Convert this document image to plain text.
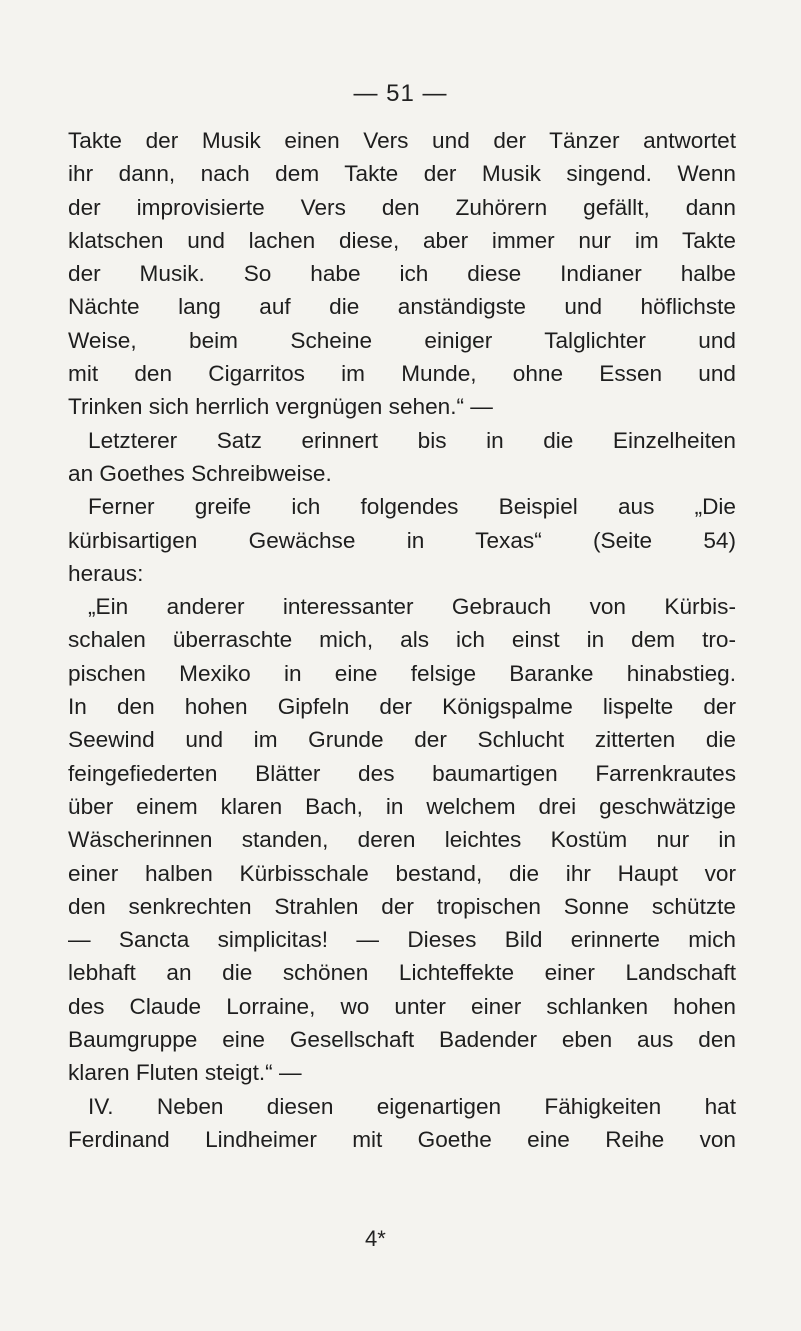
— 51 —
Takte der Musik einen Vers und der Tänzer antwortet
ihr dann, nach dem Takte der Musik singend. Wenn
der improvisierte Vers den Zuhörern gefällt, dann
klatschen und lachen diese, aber immer nur im Takte
der Musik. So habe ich diese Indianer halbe
Nächte lang auf die anständigste und höflichste
Weise, beim Scheine einiger Talglichter und
mit den Cigarritos im Munde, ohne Essen und
Trinken sich herrlich vergnügen sehen.“ —
Letzterer Satz erinnert bis in die Einzelheiten
an Goethes Schreibweise.
Ferner greife ich folgendes Beispiel aus „Die
kürbisartigen Gewächse in Texas“ (Seite 54)
heraus:
„Ein anderer interessanter Gebrauch von Kürbis-
schalen überraschte mich, als ich einst in dem tro-
pischen Mexiko in eine felsige Baranke hinabstieg.
In den hohen Gipfeln der Königspalme lispelte der
Seewind und im Grunde der Schlucht zitterten die
feingefiederten Blätter des baumartigen Farrenkrautes
über einem klaren Bach, in welchem drei geschwätzige
Wäscherinnen standen, deren leichtes Kostüm nur in
einer halben Kürbisschale bestand, die ihr Haupt vor
den senkrechten Strahlen der tropischen Sonne schützte
— Sancta simplicitas! — Dieses Bild erinnerte mich
lebhaft an die schönen Lichteffekte einer Landschaft
des Claude Lorraine, wo unter einer schlanken hohen
Baumgruppe eine Gesellschaft Badender eben aus den
klaren Fluten steigt.“ —
IV. Neben diesen eigenartigen Fähigkeiten hat
Ferdinand Lindheimer mit Goethe eine Reihe von
4*
